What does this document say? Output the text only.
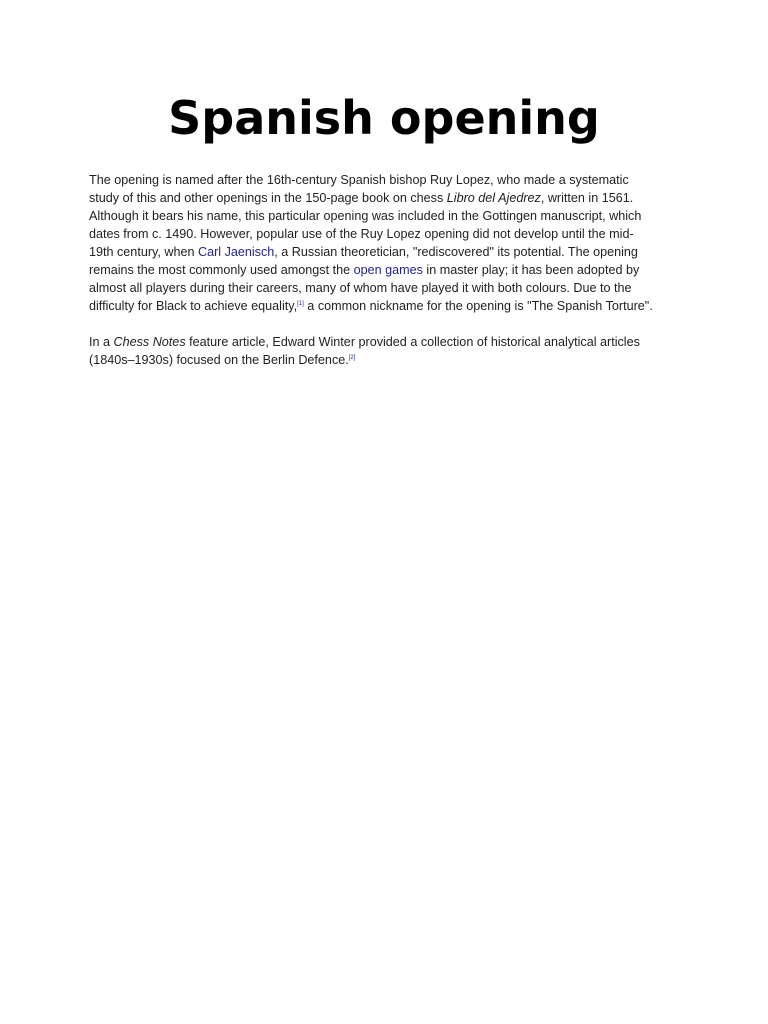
Spanish opening
The opening is named after the 16th-century Spanish bishop Ruy Lopez, who made a systematic
study of this and other openings in the 150-page book on chess Libro del Ajedrez, written in 1561.
Although it bears his name, this particular opening was included in the Gottingen manuscript, which
dates from c. 1490. However, popular use of the Ruy Lopez opening did not develop until the mid-
19th century, when Carl Jaenisch, a Russian theoretician, "rediscovered" its potential. The opening
remains the most commonly used amongst the open games in master play; it has been adopted by
almost all players during their careers, many of whom have played it with both colours. Due to the
difficulty for Black to achieve equality,[1] a common nickname for the opening is "The Spanish Torture".
In a Chess Notes feature article, Edward Winter provided a collection of historical analytical articles
(1840s–1930s) focused on the Berlin Defence.[2]
